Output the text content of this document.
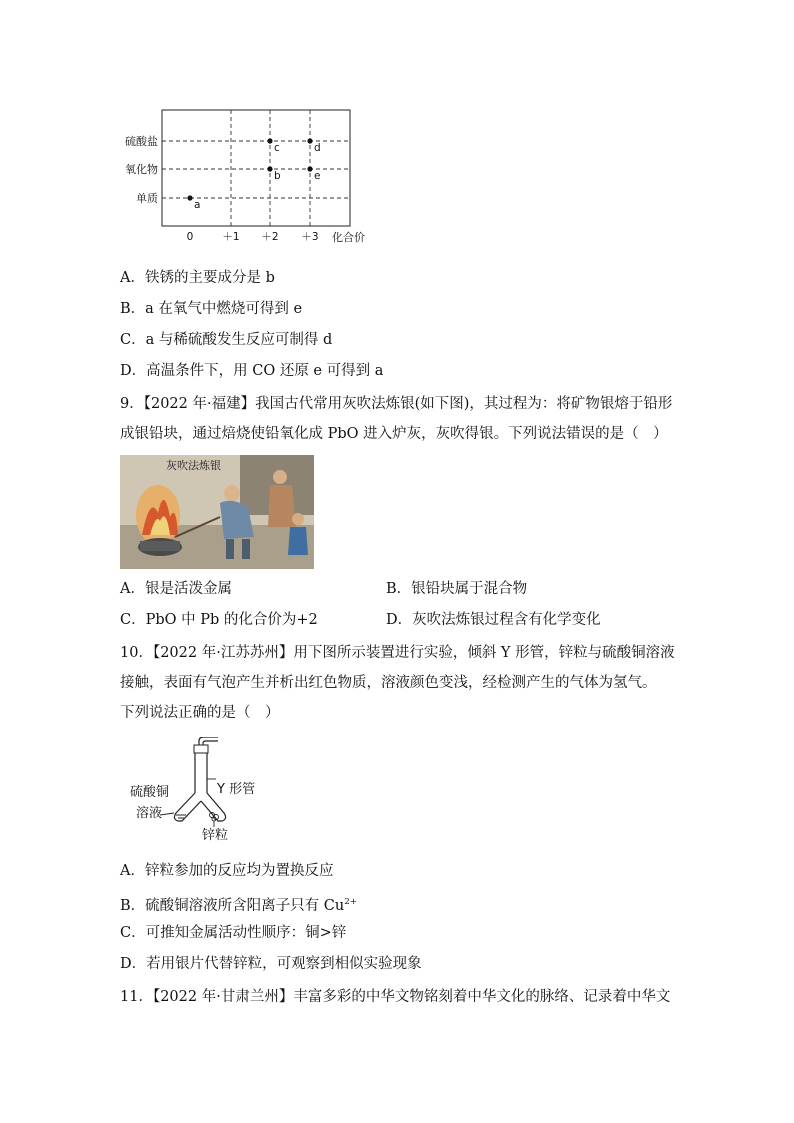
硫酸盐
氧化物
单质
0	＋1 ＋2 ＋3 化合价
a
b
c	d
e
A．铁锈的主要成分是 b
B．a 在氧气中燃烧可得到 e
C．a 与稀硫酸发生反应可制得 d
D．高温条件下，用 CO 还原 e 可得到 a
9．【2022 年·福建】我国古代常用灰吹法炼银(如下图)，其过程为：将矿物银熔于铅形
成银铅块，通过焙烧使铅氧化成 PbO 进入炉灰，灰吹得银。下列说法错误的是（　）
灰吹法炼银
A．银是活泼金属	B．银铅块属于混合物
C．PbO 中 Pb 的化合价为+2	D．灰吹法炼银过程含有化学变化
10．【2022 年·江苏苏州】用下图所示装置进行实验，倾斜 Y 形管，锌粒与硫酸铜溶液
接触，表面有气泡产生并析出红色物质，溶液颜色变浅，经检测产生的气体为氢气。
下列说法正确的是（　）
Y 形管
硫酸铜
溶液
锌粒
A．锌粒参加的反应均为置换反应
B．硫酸铜溶液所含阳离子只有 $Cu^{2+}$
C．可推知金属活动性顺序：铜>锌
D．若用银片代替锌粒，可观察到相似实验现象
11．【2022 年·甘肃兰州】丰富多彩的中华文物铭刻着中华文化的脉络、记录着中华文
